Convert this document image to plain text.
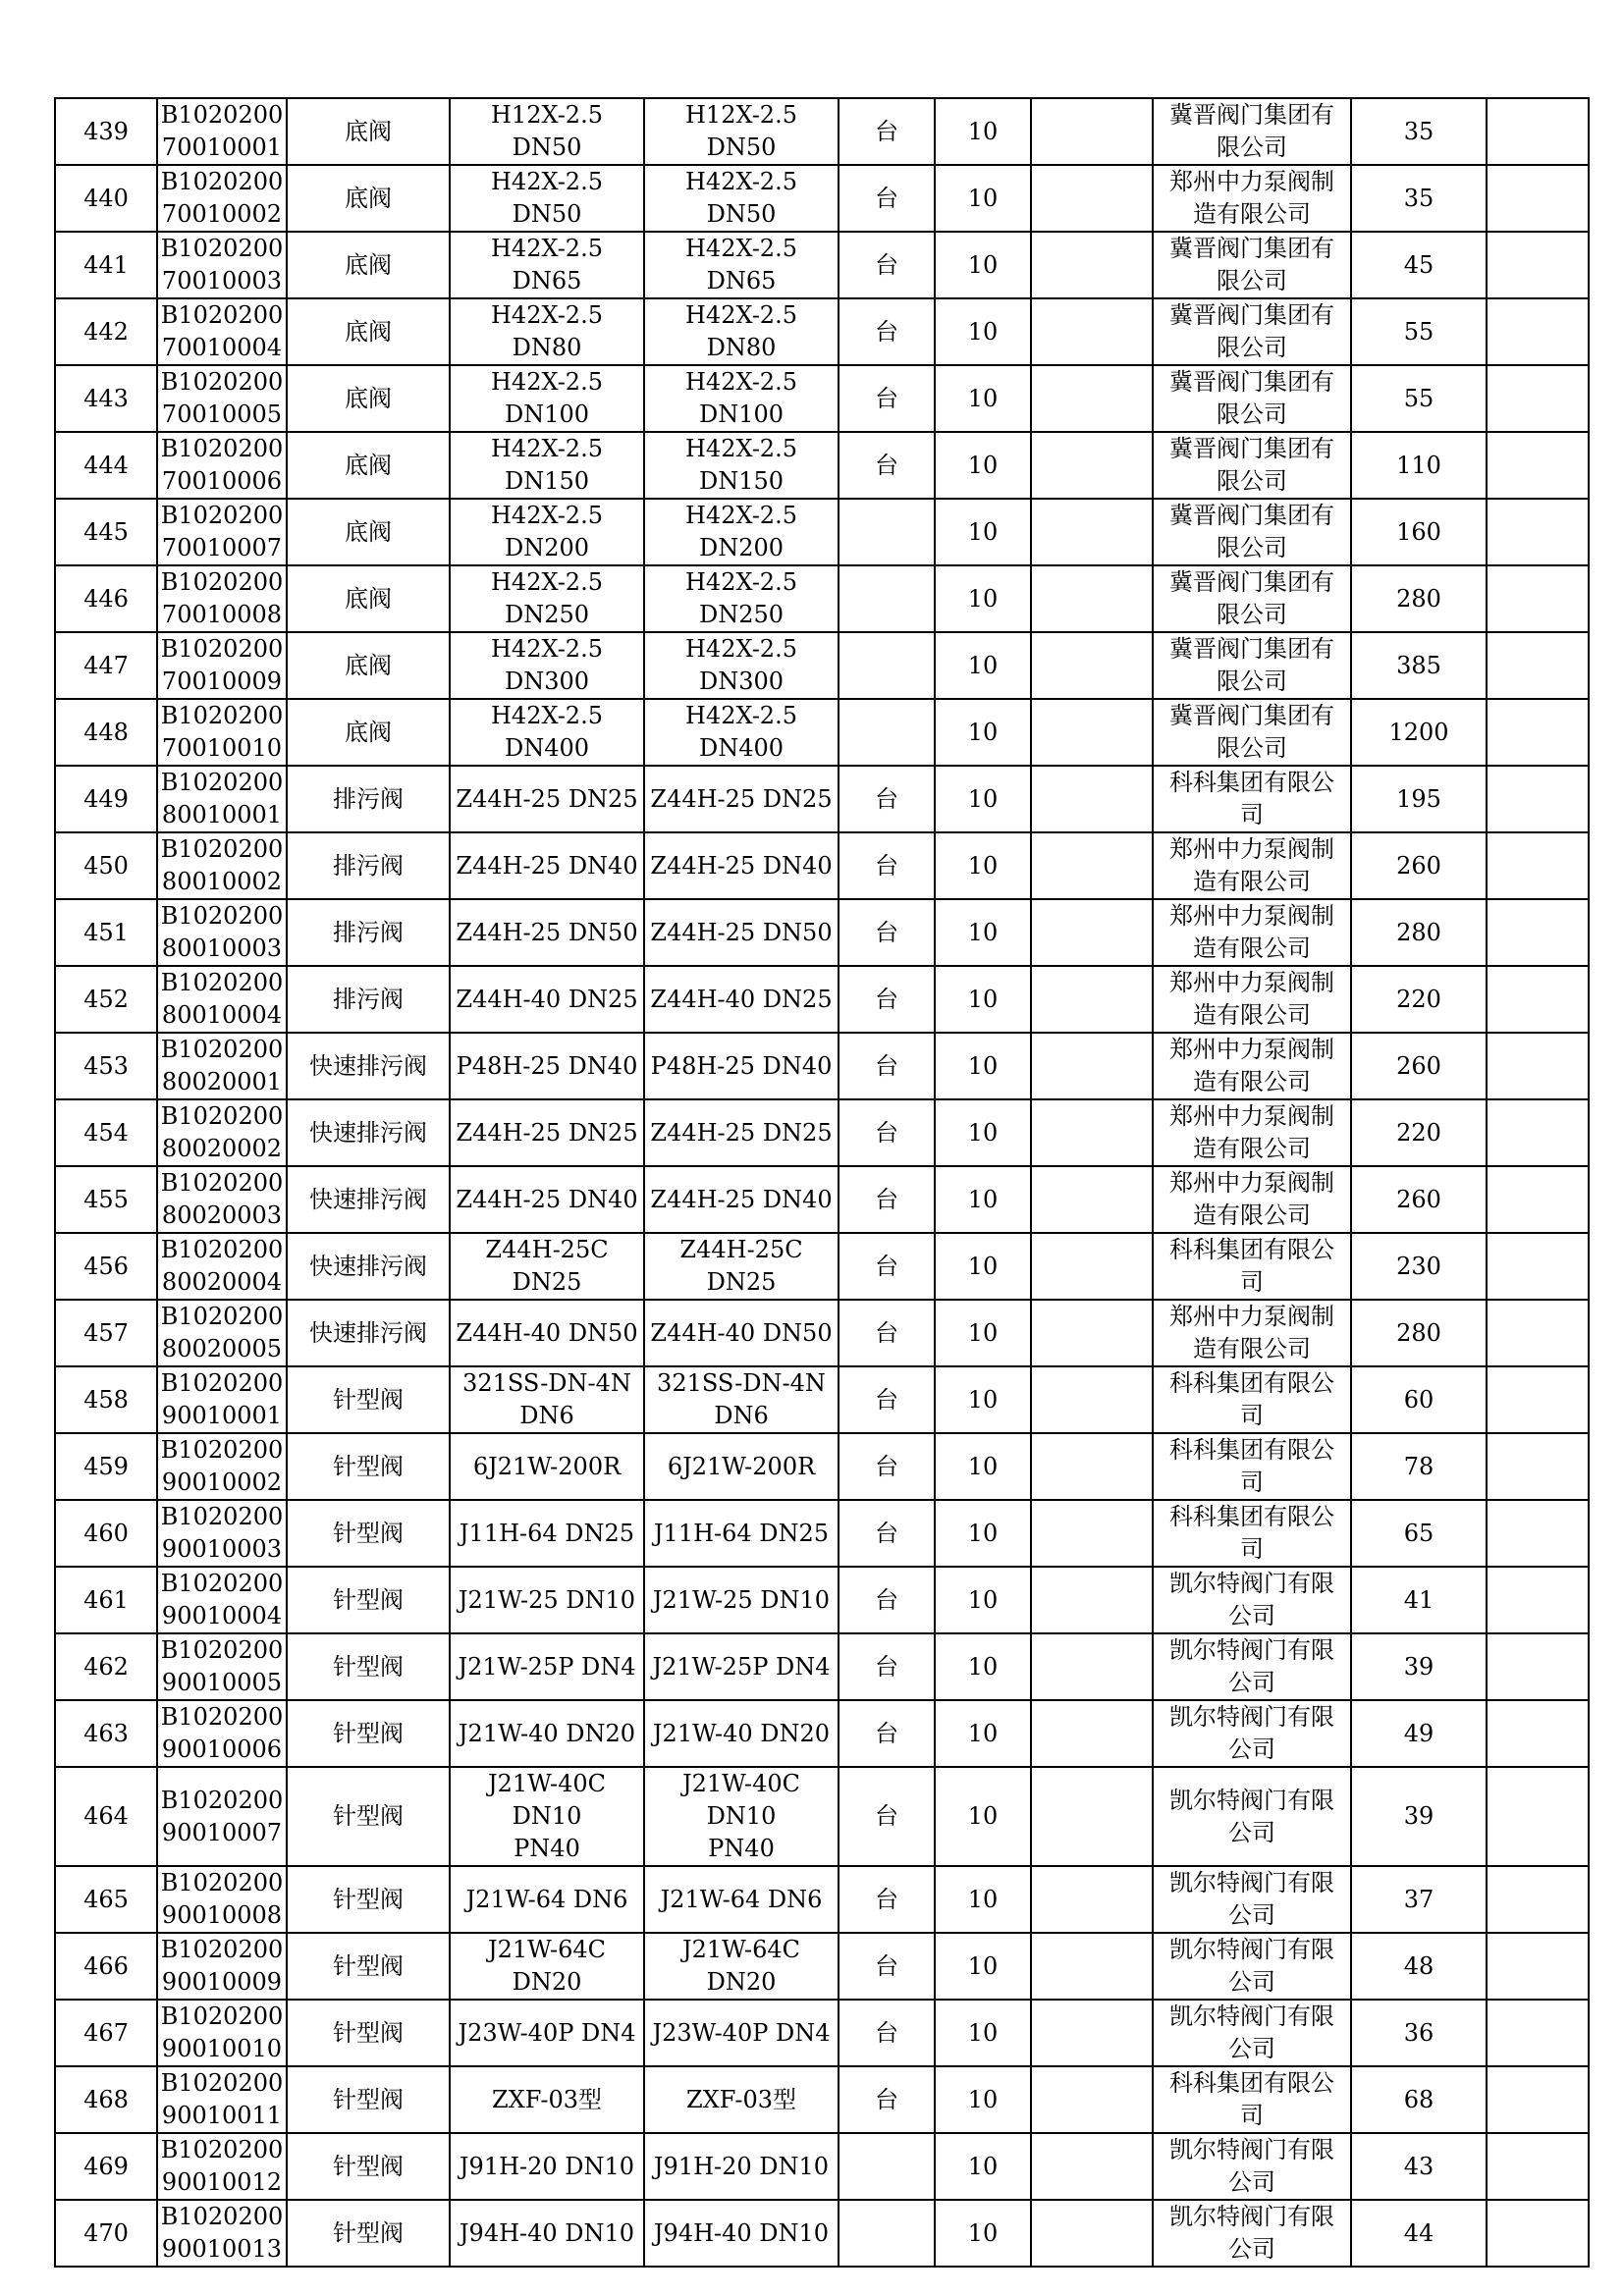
439	B1020200
70010001	底阀	H12X-2.5 DN50	H12X-2.5 DN50	台	10		冀晋阀门集团有
限公司	35	
440	B1020200
70010002	底阀	H42X-2.5 DN50	H42X-2.5 DN50	台	10		郑州中力泵阀制
造有限公司	35	
441	B1020200
70010003	底阀	H42X-2.5 DN65	H42X-2.5 DN65	台	10		冀晋阀门集团有
限公司	45	
442	B1020200
70010004	底阀	H42X-2.5 DN80	H42X-2.5 DN80	台	10		冀晋阀门集团有
限公司	55	
443	B1020200
70010005	底阀	H42X-2.5
DN100	H42X-2.5
DN100	台	10		冀晋阀门集团有
限公司	55	
444	B1020200
70010006	底阀	H42X-2.5
DN150	H42X-2.5
DN150	台	10		冀晋阀门集团有
限公司	110	
445	B1020200
70010007	底阀	H42X-2.5
DN200	H42X-2.5
DN200		10		冀晋阀门集团有
限公司	160	
446	B1020200
70010008	底阀	H42X-2.5
DN250	H42X-2.5
DN250		10		冀晋阀门集团有
限公司	280	
447	B1020200
70010009	底阀	H42X-2.5
DN300	H42X-2.5
DN300		10		冀晋阀门集团有
限公司	385	
448	B1020200
70010010	底阀	H42X-2.5
DN400	H42X-2.5
DN400		10		冀晋阀门集团有
限公司	1200	
449	B1020200
80010001	排污阀	Z44H-25 DN25	Z44H-25 DN25	台	10		科科集团有限公
司	195	
450	B1020200
80010002	排污阀	Z44H-25 DN40	Z44H-25 DN40	台	10		郑州中力泵阀制
造有限公司	260	
451	B1020200
80010003	排污阀	Z44H-25 DN50	Z44H-25 DN50	台	10		郑州中力泵阀制
造有限公司	280	
452	B1020200
80010004	排污阀	Z44H-40 DN25	Z44H-40 DN25	台	10		郑州中力泵阀制
造有限公司	220	
453	B1020200
80020001	快速排污阀	P48H-25 DN40	P48H-25 DN40	台	10		郑州中力泵阀制
造有限公司	260	
454	B1020200
80020002	快速排污阀	Z44H-25 DN25	Z44H-25 DN25	台	10		郑州中力泵阀制
造有限公司	220	
455	B1020200
80020003	快速排污阀	Z44H-25 DN40	Z44H-25 DN40	台	10		郑州中力泵阀制
造有限公司	260	
456	B1020200
80020004	快速排污阀	Z44H-25C DN25	Z44H-25C DN25	台	10		科科集团有限公
司	230	
457	B1020200
80020005	快速排污阀	Z44H-40 DN50	Z44H-40 DN50	台	10		郑州中力泵阀制
造有限公司	280	
458	B1020200
90010001	针型阀	321SS-DN-4N
DN6	321SS-DN-4N
DN6	台	10		科科集团有限公
司	60	
459	B1020200
90010002	针型阀	6J21W-200R	6J21W-200R	台	10		科科集团有限公
司	78	
460	B1020200
90010003	针型阀	J11H-64 DN25	J11H-64 DN25	台	10		科科集团有限公
司	65	
461	B1020200
90010004	针型阀	J21W-25 DN10	J21W-25 DN10	台	10		凯尔特阀门有限
公司	41	
462	B1020200
90010005	针型阀	J21W-25P DN4	J21W-25P DN4	台	10		凯尔特阀门有限
公司	39	
463	B1020200
90010006	针型阀	J21W-40 DN20	J21W-40 DN20	台	10		凯尔特阀门有限
公司	49	
464	B1020200
90010007	针型阀	J21W-40C DN10
PN40	J21W-40C DN10
PN40	台	10		凯尔特阀门有限
公司	39	
465	B1020200
90010008	针型阀	J21W-64 DN6	J21W-64 DN6	台	10		凯尔特阀门有限
公司	37	
466	B1020200
90010009	针型阀	J21W-64C DN20	J21W-64C DN20	台	10		凯尔特阀门有限
公司	48	
467	B1020200
90010010	针型阀	J23W-40P DN4	J23W-40P DN4	台	10		凯尔特阀门有限
公司	36	
468	B1020200
90010011	针型阀	ZXF-03型	ZXF-03型	台	10		科科集团有限公
司	68	
469	B1020200
90010012	针型阀	J91H-20 DN10	J91H-20 DN10		10		凯尔特阀门有限
公司	43	
470	B1020200
90010013	针型阀	J94H-40 DN10	J94H-40 DN10		10		凯尔特阀门有限
公司	44	
